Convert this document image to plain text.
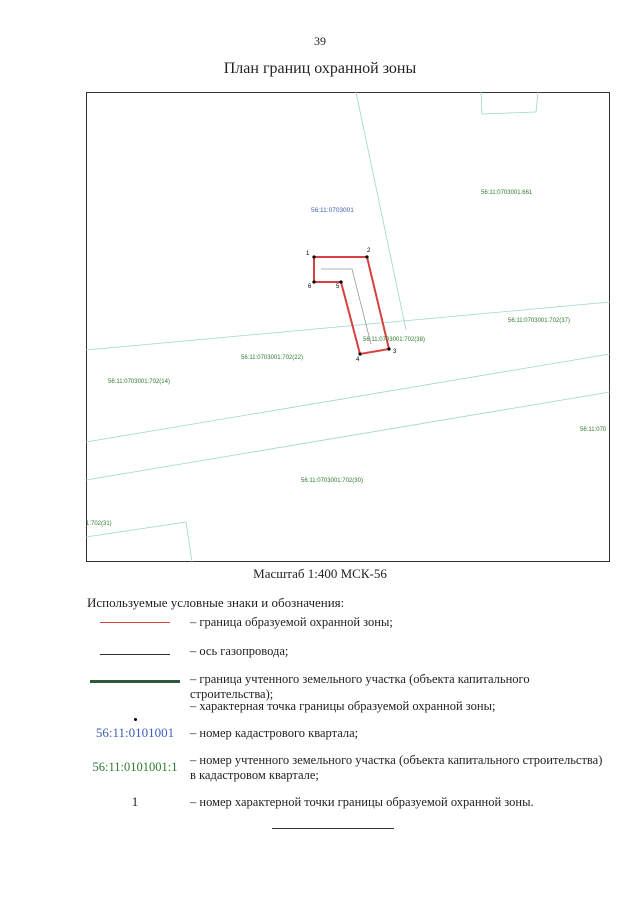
39
План границ охранной зоны
1	2
3
4
5
6
56:11:0703001
56:11:0703001:661
56:11:0703001:702(37)
56:11:0703001:702(38)
56:11:0703001:702(22)
56:11:0703001:702(14)
56:11:070
56:11:0703001:702(30)
1:702(31)
Масштаб 1:400 МСК-56
Используемые условные знаки и обозначения:
– граница образуемой охранной зоны;
– ось газопровода;
– граница учтенного земельного участка (объекта капитального строительства);
– характерная точка границы образуемой охранной зоны;
56:11:0101001	– номер кадастрового квартала;
56:11:0101001:1 – номер учтенного земельного участка (объекта капитального строительства) в кадастровом квартале;
1	– номер характерной точки границы образуемой охранной зоны.
